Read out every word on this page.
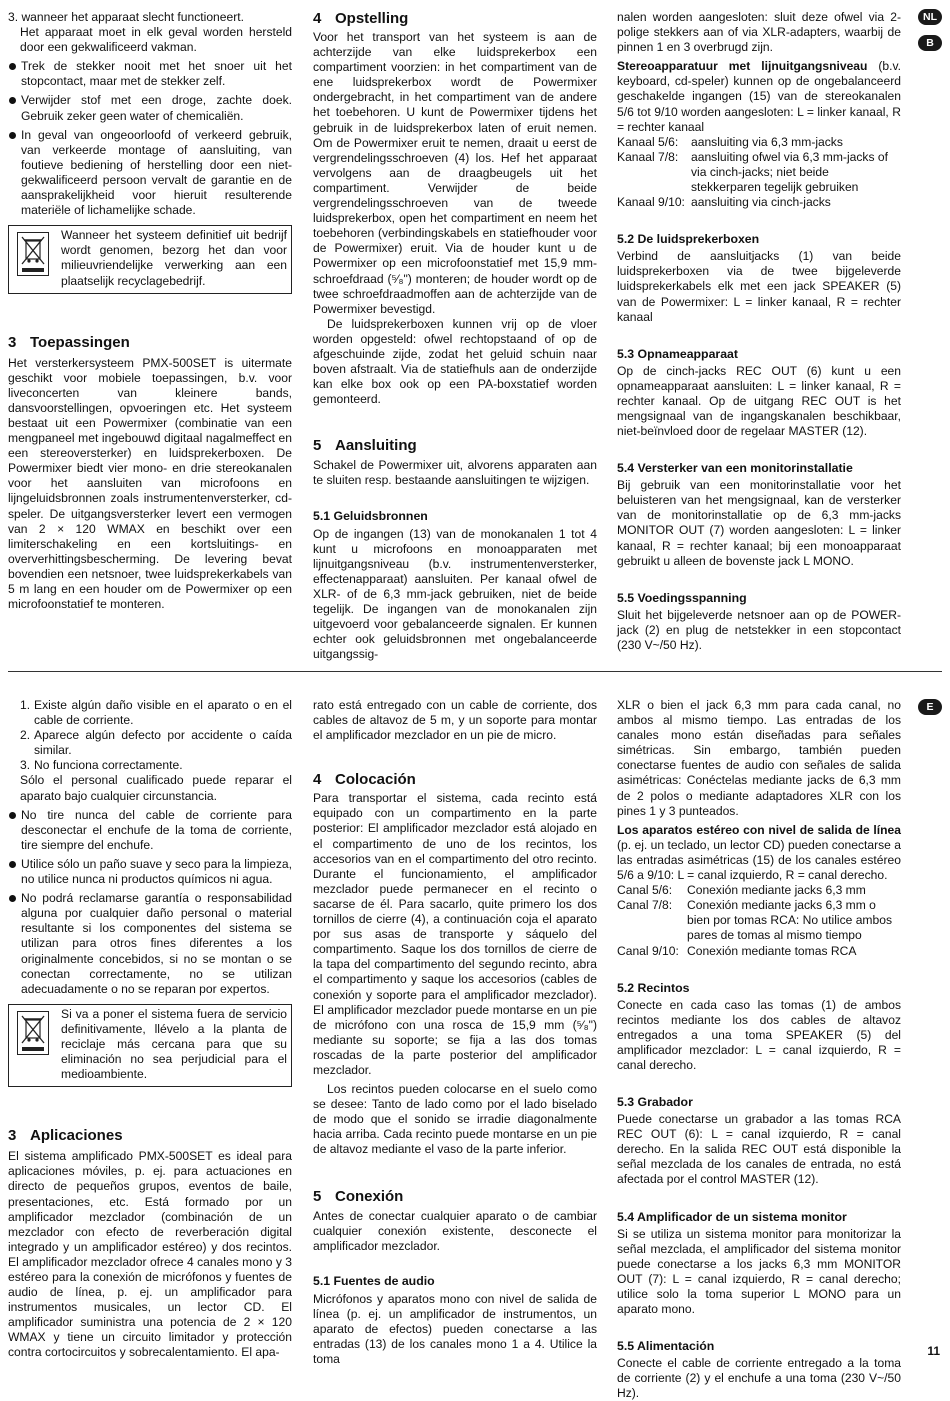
3. wanneer het apparaat slecht functioneert.

Het apparaat moet in elk geval worden hersteld door een gekwalificeerd vakman.

Trek de stekker nooit met het snoer uit het stopcontact, maar met de stekker zelf.

Verwijder stof met een droge, zachte doek. Gebruik zeker geen water of chemicaliën.

In geval van ongeoorloofd of verkeerd gebruik, van verkeerde montage of aansluiting, van foutieve bediening of herstelling door een niet-gekwalificeerd persoon vervalt de garantie en de aansprakelijkheid voor hieruit resulterende materiële of lichamelijke schade.

Wanneer het systeem definitief uit bedrijf wordt genomen, bezorg het dan voor milieuvriendelijke verwerking aan een plaatselijk recyclagebedrijf.

3 Toepassingen

Het versterkersysteem PMX-500SET is uitermate geschikt voor mobiele toepassingen, b.v. voor liveconcerten van kleinere bands, dansvoorstellingen, opvoeringen etc. Het systeem bestaat uit een Powermixer (combinatie van een mengpaneel met ingebouwd digitaal nagalmeffect en een stereoversterker) en luidsprekerboxen. De Powermixer biedt vier mono- en drie stereokanalen voor het aansluiten van microfoons en lijngeluidsbronnen zoals instrumentenversterker, cd-speler. De uitgangsversterker levert een vermogen van 2 × 120 WMAX en beschikt over een limiterschakeling en een kortsluitings- en oververhittingsbescherming. De levering bevat bovendien een netsnoer, twee luidsprekerkabels van 5 m lang en een houder om de Powermixer op een microfoonstatief te monteren.

4 Opstelling

Voor het transport van het systeem is aan de achterzijde van elke luidsprekerbox een compartiment voorzien: in het compartiment van de ene luidsprekerbox wordt de Powermixer ondergebracht, in het compartiment van de andere het toebehoren. U kunt de Powermixer tijdens het gebruik in de luidsprekerbox laten of eruit nemen. Om de Powermixer eruit te nemen, draait u eerst de vergrendelingsschroeven (4) los. Hef het apparaat vervolgens aan de draagbeugels uit het compartiment. Verwijder de beide vergrendelingsschroeven van de tweede luidsprekerbox, open het compartiment en neem het toebehoren (verbindingskabels en statiefhouder voor de Powermixer) eruit. Via de houder kunt u de Powermixer op een microfoonstatief met 15,9 mm-schroefdraad (⁵⁄₈") monteren; de houder wordt op de twee schroefdraadmoffen aan de achterzijde van de Powermixer bevestigd.

De luidsprekerboxen kunnen vrij op de vloer worden opgesteld: ofwel rechtopstaand of op de afgeschuinde zijde, zodat het geluid schuin naar boven afstraalt. Via de statiefhuls aan de onderzijde kan elke box ook op een PA-boxstatief worden gemonteerd.

5 Aansluiting

Schakel de Powermixer uit, alvorens apparaten aan te sluiten resp. bestaande aansluitingen te wijzigen.

5.1 Geluidsbronnen

Op de ingangen (13) van de monokanalen 1 tot 4 kunt u microfoons en monoapparaten met lijnuitgangsniveau (b.v. instrumentenversterker, effectenapparaat) aansluiten. Per kanaal ofwel de XLR- of de 6,3 mm-jack gebruiken, niet de beide tegelijk. De ingangen van de monokanalen zijn uitgevoerd voor gebalanceerde signalen. Er kunnen echter ook geluidsbronnen met ongebalanceerde uitgangssig-

nalen worden aangesloten: sluit deze ofwel via 2-polige stekkers aan of via XLR-adapters, waarbij de pinnen 1 en 3 overbrugd zijn.

Stereoapparatuur met lijnuitgangsniveau (b.v. keyboard, cd-speler) kunnen op de ongebalanceerd geschakelde ingangen (15) van de stereokanalen 5/6 tot 9/10 worden aangesloten: L = linker kanaal, R = rechter kanaal

Kanaal 5/6:	aansluiting via 6,3 mm-jacks
Kanaal 7/8:	aansluiting ofwel via 6,3 mm-jacks of via cinch-jacks; niet beide stekkerparen tegelijk gebruiken
Kanaal 9/10: aansluiting via cinch-jacks
5.2 De luidsprekerboxen

Verbind de aansluitjacks (1) van beide luidsprekerboxen via de twee bijgeleverde luidsprekerkabels elk met een jack SPEAKER (5) van de Powermixer: L = linker kanaal, R = rechter kanaal

5.3 Opnameapparaat

Op de cinch-jacks REC OUT (6) kunt u een opnameapparaat aansluiten: L = linker kanaal, R = rechter kanaal. Op de uitgang REC OUT is het mengsignaal van de ingangskanalen beschikbaar, niet-beïnvloed door de regelaar MASTER (12).

5.4 Versterker van een monitorinstallatie

Bij gebruik van een monitorinstallatie voor het beluisteren van het mengsignaal, kan de versterker van de monitorinstallatie op de 6,3 mm-jacks MONITOR OUT (7) worden aangesloten: L = linker kanaal, R = rechter kanaal; bij een monoapparaat gebruikt u alleen de bovenste jack L MONO.

5.5 Voedingsspanning

Sluit het bijgeleverde netsnoer aan op de POWER-jack (2) en plug de netstekker in een stopcontact (230 V~/50 Hz).

NL
B

1. Existe algún daño visible en el aparato o en el cable de corriente.

2. Aparece algún defecto por accidente o caída similar.

3. No funciona correctamente.

Sólo el personal cualificado puede reparar el aparato bajo cualquier circunstancia.

No tire nunca del cable de corriente para desconectar el enchufe de la toma de corriente, tire siempre del enchufe.

Utilice sólo un paño suave y seco para la limpieza, no utilice nunca ni productos químicos ni agua.

No podrá reclamarse garantía o responsabilidad alguna por cualquier daño personal o material resultante si los componentes del sistema se utilizan para otros fines diferentes a los originalmente concebidos, si no se montan o se conectan correctamente, no se utilizan adecuadamente o no se reparan por expertos.

Si va a poner el sistema fuera de servicio definitivamente, llévelo a la planta de reciclaje más cercana para que su eliminación no sea perjudicial para el medioambiente.

3 Aplicaciones

El sistema amplificado PMX-500SET es ideal para aplicaciones móviles, p. ej. para actuaciones en directo de pequeños grupos, eventos de baile, presentaciones, etc. Está formado por un amplificador mezclador (combinación de un mezclador con efecto de reverberación digital integrado y un amplificador estéreo) y dos recintos. El amplificador mezclador ofrece 4 canales mono y 3 estéreo para la conexión de micrófonos y fuentes de audio de línea, p. ej. un amplificador para instrumentos musicales, un lector CD. El amplificador suministra una potencia de 2 × 120 WMAX y tiene un circuito limitador y protección contra cortocircuitos y sobrecalentamiento. El apa-

rato está entregado con un cable de corriente, dos cables de altavoz de 5 m, y un soporte para montar el amplificador mezclador en un pie de micro.

4 Colocación

Para transportar el sistema, cada recinto está equipado con un compartimento en la parte posterior: El amplificador mezclador está alojado en el compartimento de uno de los recintos, los accesorios van en el compartimento del otro recinto. Durante el funcionamiento, el amplificador mezclador puede permanecer en el recinto o sacarse de él. Para sacarlo, quite primero los dos tornillos de cierre (4), a continuación coja el aparato por sus asas de transporte y sáquelo del compartimento. Saque los dos tornillos de cierre de la tapa del compartimento del segundo recinto, abra el compartimento y saque los accesorios (cables de conexión y soporte para el amplificador mezclador). El amplificador mezclador puede montarse en un pie de micrófono con una rosca de 15,9 mm (⁵⁄₈") mediante su soporte; se fija a las dos tomas roscadas de la parte posterior del amplificador mezclador.

Los recintos pueden colocarse en el suelo como se desee: Tanto de lado como por el lado biselado de modo que el sonido se irradie diagonalmente hacia arriba. Cada recinto puede montarse en un pie de altavoz mediante el vaso de la parte inferior.

5 Conexión

Antes de conectar cualquier aparato o de cambiar cualquier conexión existente, desconecte el amplificador mezclador.

5.1 Fuentes de audio

Micrófonos y aparatos mono con nivel de salida de línea (p. ej. un amplificador de instrumentos, un aparato de efectos) pueden conectarse a las entradas (13) de los canales mono 1 a 4. Utilice la toma

XLR o bien el jack 6,3 mm para cada canal, no ambos al mismo tiempo. Las entradas de los canales mono están diseñadas para señales simétricas. Sin embargo, también pueden conectarse fuentes de audio con señales de salida asimétricas: Conéctelas mediante jacks de 6,3 mm de 2 polos o mediante adaptadores XLR con los pines 1 y 3 punteados.

Los aparatos estéreo con nivel de salida de línea (p. ej. un teclado, un lector CD) pueden conectarse a las entradas asimétricas (15) de los canales estéreo 5/6 a 9/10: L = canal izquierdo, R = canal derecho.

Canal 5/6:	Conexión mediante jacks 6,3 mm
Canal 7/8:	Conexión mediante jacks 6,3 mm o bien por tomas RCA: No utilice ambos pares de tomas al mismo tiempo
Canal 9/10: Conexión mediante tomas RCA
5.2 Recintos

Conecte en cada caso las tomas (1) de ambos recintos mediante los dos cables de altavoz entregados a una toma SPEAKER (5) del amplificador mezclador: L = canal izquierdo, R = canal derecho.

5.3 Grabador

Puede conectarse un grabador a las tomas RCA REC OUT (6): L = canal izquierdo, R = canal derecho. En la salida REC OUT está disponible la señal mezclada de los canales de entrada, no está afectada por el control MASTER (12).

5.4 Amplificador de un sistema monitor

Si se utiliza un sistema monitor para monitorizar la señal mezclada, el amplificador del sistema monitor puede conectarse a los jacks 6,3 mm MONITOR OUT (7): L = canal izquierdo, R = canal derecho; utilice solo la toma superior L MONO para un aparato mono.

5.5 Alimentación

Conecte el cable de corriente entregado a la toma de corriente (2) y el enchufe a una toma (230 V~/50 Hz).

E
11
